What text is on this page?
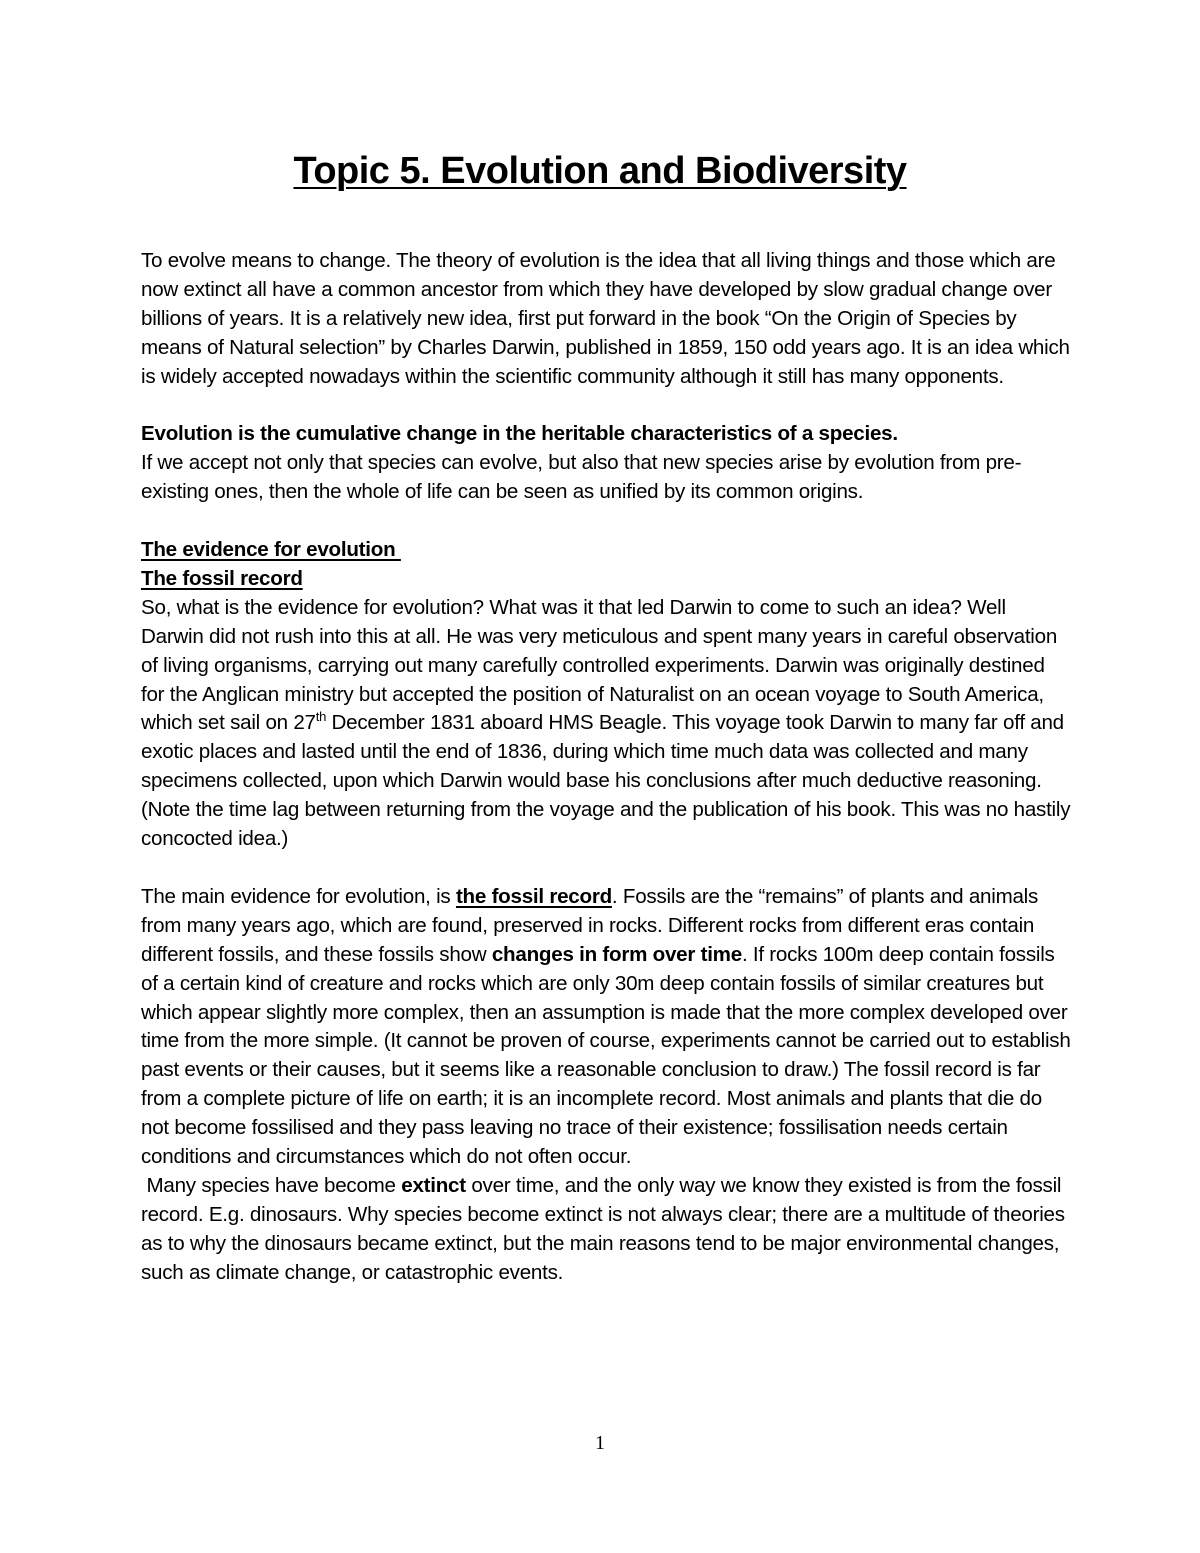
Topic 5. Evolution and Biodiversity

To evolve means to change. The theory of evolution is the idea that all living things and those which are now extinct all have a common ancestor from which they have developed by slow gradual change over billions of years. It is a relatively new idea, first put forward in the book “On the Origin of Species by means of Natural selection” by Charles Darwin, published in 1859, 150 odd years ago. It is an idea which is widely accepted nowadays within the scientific community although it still has many opponents.

Evolution is the cumulative change in the heritable characteristics of a species.

If we accept not only that species can evolve, but also that new species arise by evolution from pre-existing ones, then the whole of life can be seen as unified by its common origins.

The evidence for evolution

The fossil record

So, what is the evidence for evolution? What was it that led Darwin to come to such an idea? Well Darwin did not rush into this at all. He was very meticulous and spent many years in careful observation of living organisms, carrying out many carefully controlled experiments. Darwin was originally destined for the Anglican ministry but accepted the position of Naturalist on an ocean voyage to South America, which set sail on 27th December 1831 aboard HMS Beagle. This voyage took Darwin to many far off and exotic places and lasted until the end of 1836, during which time much data was collected and many specimens collected, upon which Darwin would base his conclusions after much deductive reasoning. (Note the time lag between returning from the voyage and the publication of his book. This was no hastily concocted idea.)

The main evidence for evolution, is the fossil record. Fossils are the “remains” of plants and animals from many years ago, which are found, preserved in rocks. Different rocks from different eras contain different fossils, and these fossils show changes in form over time. If rocks 100m deep contain fossils of a certain kind of creature and rocks which are only 30m deep contain fossils of similar creatures but which appear slightly more complex, then an assumption is made that the more complex developed over time from the more simple. (It cannot be proven of course, experiments cannot be carried out to establish past events or their causes, but it seems like a reasonable conclusion to draw.) The fossil record is far from a complete picture of life on earth; it is an incomplete record. Most animals and plants that die do not become fossilised and they pass leaving no trace of their existence; fossilisation needs certain conditions and circumstances which do not often occur.

Many species have become extinct over time, and the only way we know they existed is from the fossil record. E.g. dinosaurs. Why species become extinct is not always clear; there are a multitude of theories as to why the dinosaurs became extinct, but the main reasons tend to be major environmental changes, such as climate change, or catastrophic events.

1
